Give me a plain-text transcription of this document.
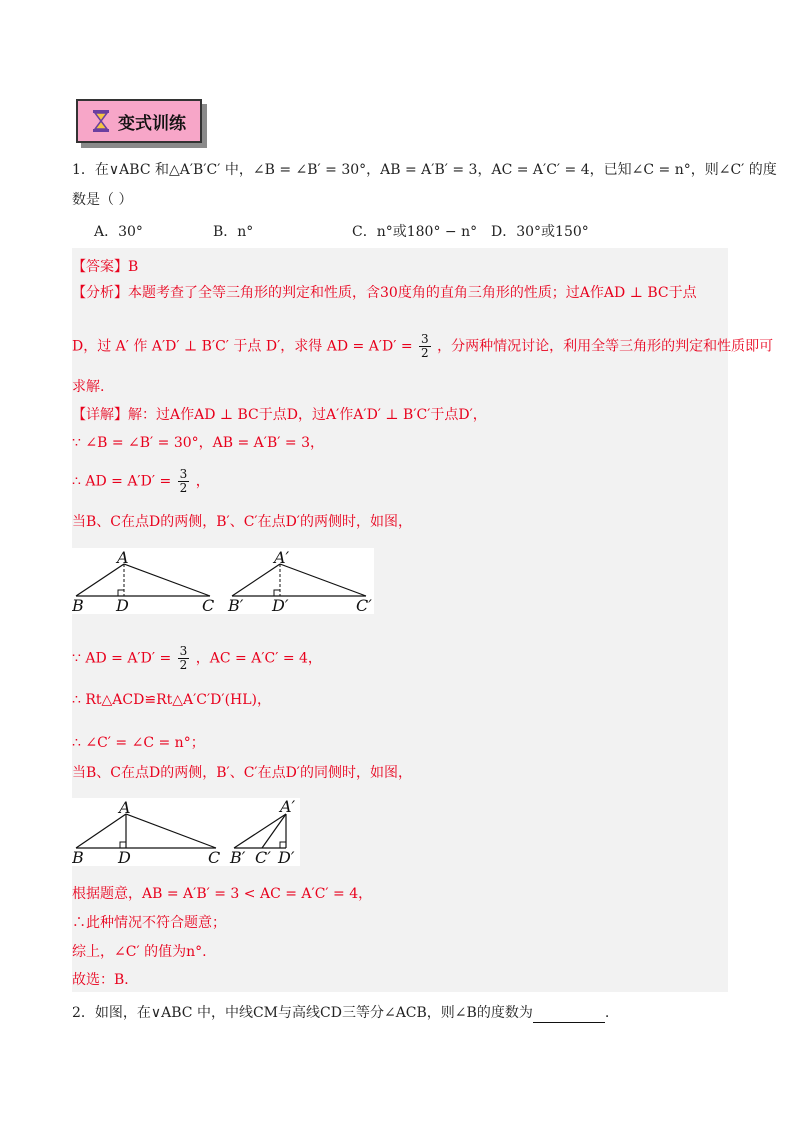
变式训练
1．在∨ABC 和△A′B′C′ 中，∠B = ∠B′ = 30°，AB = A′B′ = 3，AC = A′C′ = 4，已知∠C = n°，则∠C′ 的度
数是（ ）
A．30°	B．n°	C．n°或180° − n° D．30°或150°
【答案】B
【分析】本题考查了全等三角形的判定和性质，含30度角的直角三角形的性质；过A作AD ⊥ BC于点
D，过 A′ 作 A′D′ ⊥ B′C′ 于点 D′，求得 AD = $A'D' = \frac{3}{2}$ ，分两种情况讨论，利用全等三角形的判定和性质即可
求解.
【详解】解：过A作AD ⊥ BC于点D，过A′作A′D′ ⊥ B′C′于点D′，
∵ ∠B = ∠B′ = 30°，AB = A′B′ = 3，
∴ AD = $A'D' = \frac{3}{2}$ ，
当B、C在点D的两侧，B′、C′在点D′的两侧时，如图，
A
B D	C
A′
B′ D′	C′
∵ AD = $A'D' = \frac{3}{2}$ ，AC = A′C′ = 4，
∴ Rt△ACD≌Rt△A′C′D′(HL)，
∴ ∠C′ = ∠C = n°；
当B、C在点D的两侧，B′、C′在点D′的同侧时，如图，
A
B D	C
A′
B′ C′ D′
根据题意，AB = A′B′ = 3 < AC = A′C′ = 4，
∴此种情况不符合题意；
综上，∠C′ 的值为n°.
故选：B．
2．如图，在∨ABC 中，中线CM与高线CD三等分∠ACB，则∠B的度数为	.
